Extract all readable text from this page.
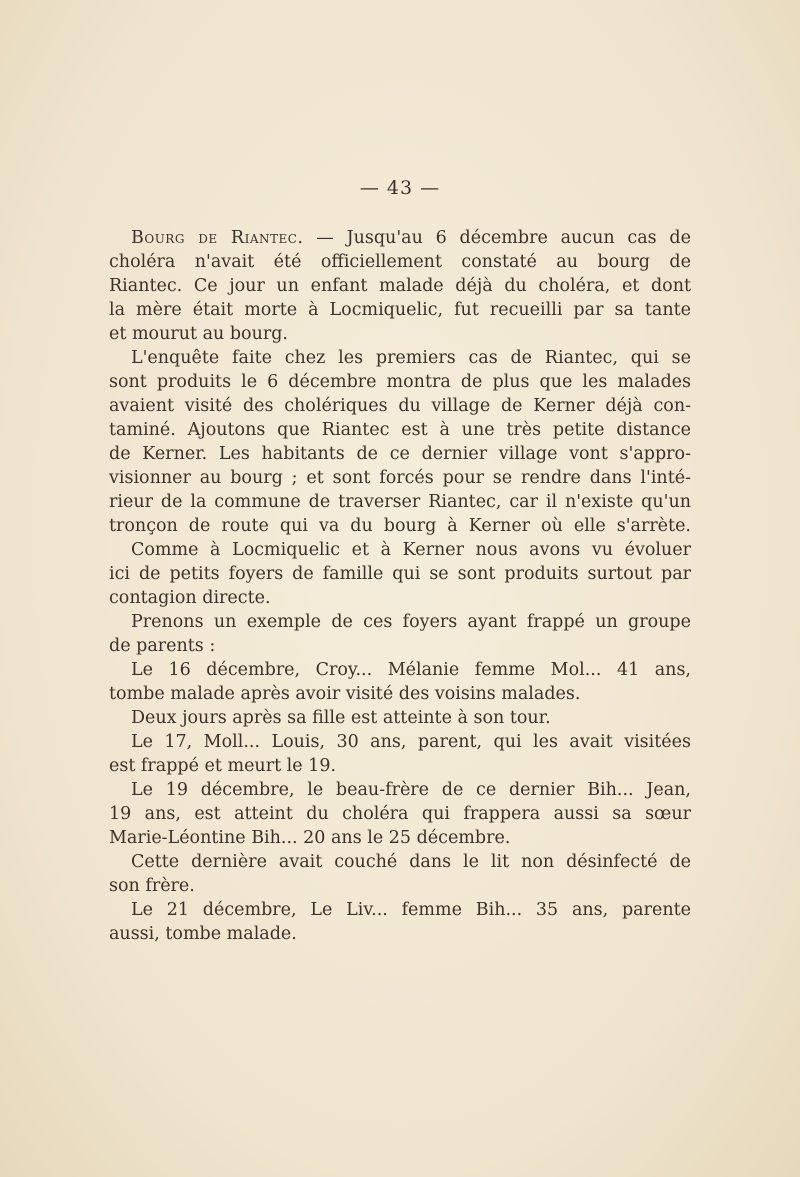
— 43 —
Bourg de Riantec. — Jusqu'au 6 décembre aucun cas de
choléra n'avait été officiellement constaté au bourg de
Riantec. Ce jour un enfant malade déjà du choléra, et dont
la mère était morte à Locmiquelic, fut recueilli par sa tante
et mourut au bourg.
L'enquête faite chez les premiers cas de Riantec, qui se
sont produits le 6 décembre montra de plus que les malades
avaient visité des cholériques du village de Kerner déjà con-
taminé. Ajoutons que Riantec est à une très petite distance
de Kerner. Les habitants de ce dernier village vont s'appro-
visionner au bourg ; et sont forcés pour se rendre dans l'inté-
rieur de la commune de traverser Riantec, car il n'existe qu'un
tronçon de route qui va du bourg à Kerner où elle s'arrète.
Comme à Locmiquelic et à Kerner nous avons vu évoluer
ici de petits foyers de famille qui se sont produits surtout par
contagion directe.
Prenons un exemple de ces foyers ayant frappé un groupe
de parents :
Le 16 décembre, Croy... Mélanie femme Mol... 41 ans,
tombe malade après avoir visité des voisins malades.
Deux jours après sa fille est atteinte à son tour.
Le 17, Moll... Louis, 30 ans, parent, qui les avait visitées
est frappé et meurt le 19.
Le 19 décembre, le beau-frère de ce dernier Bih... Jean,
19 ans, est atteint du choléra qui frappera aussi sa sœur
Marie-Léontine Bih... 20 ans le 25 décembre.
Cette dernière avait couché dans le lit non désinfecté de
son frère.
Le 21 décembre, Le Liv... femme Bih... 35 ans, parente
aussi, tombe malade.
